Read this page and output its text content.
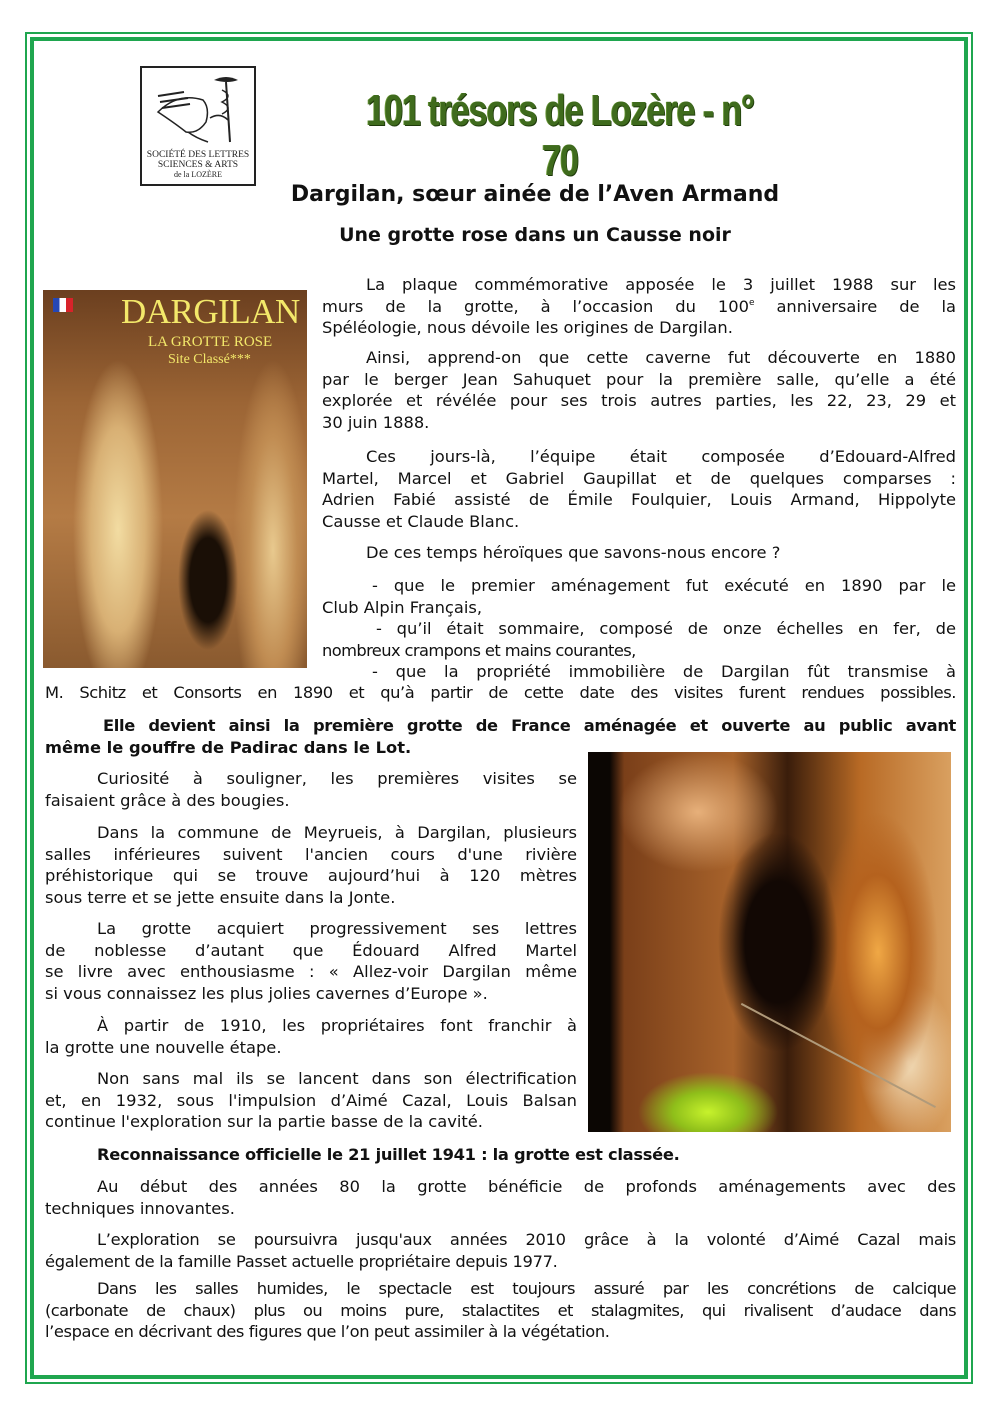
SOCIÉTÉ DES LETTRES
SCIENCES & ARTS
de la LOZÈRE
101 trésors de Lozère - n° 70
Dargilan, sœur ainée de l’Aven Armand
Une grotte rose dans un Causse noir
DARGILAN
LA GROTTE ROSE
Site Classé***
La plaque commémorative apposée le 3 juillet 1988 sur les
murs de la grotte, à l’occasion du 100e anniversaire de la
Spéléologie, nous dévoile les origines de Dargilan.
Ainsi, apprend-on que cette caverne fut découverte en 1880
par le berger Jean Sahuquet pour la première salle, qu’elle a été
explorée et révélée pour ses trois autres parties, les 22, 23, 29 et
30 juin 1888.
Ces jours-là, l’équipe était composée d’Edouard-Alfred
Martel, Marcel et Gabriel Gaupillat et de quelques comparses :
Adrien Fabié assisté de Émile Foulquier, Louis Armand, Hippolyte
Causse et Claude Blanc.
De ces temps héroïques que savons-nous encore ?
- que le premier aménagement fut exécuté en 1890 par le
Club Alpin Français,
- qu’il était sommaire, composé de onze échelles en fer, de
nombreux crampons et mains courantes,
- que la propriété immobilière de Dargilan fût transmise à
M. Schitz et Consorts en 1890 et qu’à partir de cette date des visites furent rendues possibles.
Elle devient ainsi la première grotte de France aménagée et ouverte au public avant
même le gouffre de Padirac dans le Lot.
Curiosité à souligner, les premières visites se
faisaient grâce à des bougies.
Dans la commune de Meyrueis, à Dargilan, plusieurs
salles inférieures suivent l'ancien cours d'une rivière
préhistorique qui se trouve aujourd’hui à 120 mètres
sous terre et se jette ensuite dans la Jonte.
La grotte acquiert progressivement ses lettres
de noblesse d’autant que Édouard Alfred Martel
se livre avec enthousiasme : « Allez-voir Dargilan même
si vous connaissez les plus jolies cavernes d’Europe ».
À partir de 1910, les propriétaires font franchir à
la grotte une nouvelle étape.
Non sans mal ils se lancent dans son électrification
et, en 1932, sous l'impulsion d’Aimé Cazal, Louis Balsan
continue l'exploration sur la partie basse de la cavité.
Reconnaissance officielle le 21 juillet 1941 : la grotte est classée.
Au début des années 80 la grotte bénéficie de profonds aménagements avec des
techniques innovantes.
L’exploration se poursuivra jusqu'aux années 2010 grâce à la volonté d’Aimé Cazal mais
également de la famille Passet actuelle propriétaire depuis 1977.
Dans les salles humides, le spectacle est toujours assuré par les concrétions de calcique
(carbonate de chaux) plus ou moins pure, stalactites et stalagmites, qui rivalisent d’audace dans
l’espace en décrivant des figures que l’on peut assimiler à la végétation.
